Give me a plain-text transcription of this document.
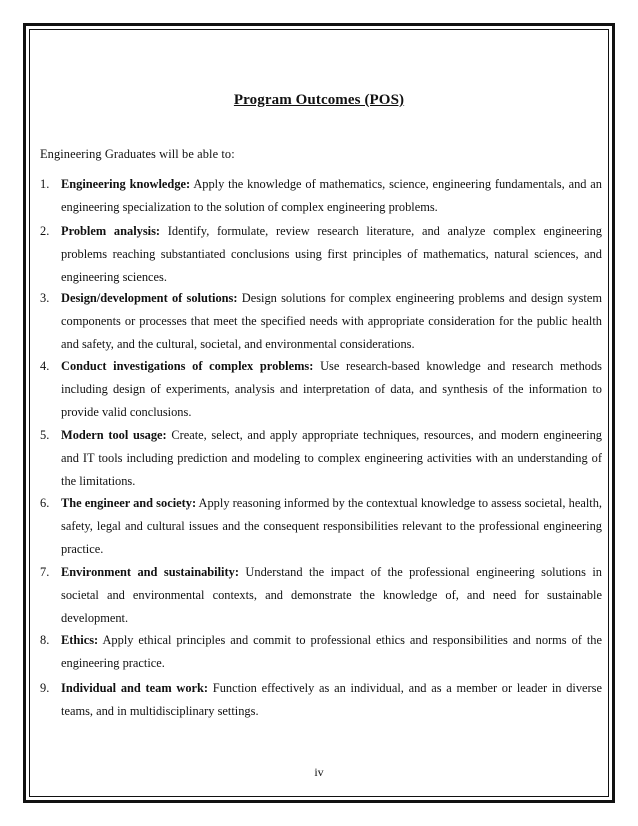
Program Outcomes (POS)
Engineering Graduates will be able to:
1. Engineering knowledge: Apply the knowledge of mathematics, science, engineering fundamentals, and an engineering specialization to the solution of complex engineering problems.
2. Problem analysis: Identify, formulate, review research literature, and analyze complex engineering problems reaching substantiated conclusions using first principles of mathematics, natural sciences, and engineering sciences.
3. Design/development of solutions: Design solutions for complex engineering problems and design system components or processes that meet the specified needs with appropriate consideration for the public health and safety, and the cultural, societal, and environmental considerations.
4. Conduct investigations of complex problems: Use research-based knowledge and research methods including design of experiments, analysis and interpretation of data, and synthesis of the information to provide valid conclusions.
5. Modern tool usage: Create, select, and apply appropriate techniques, resources, and modern engineering and IT tools including prediction and modeling to complex engineering activities with an understanding of the limitations.
6. The engineer and society: Apply reasoning informed by the contextual knowledge to assess societal, health, safety, legal and cultural issues and the consequent responsibilities relevant to the professional engineering practice.
7. Environment and sustainability: Understand the impact of the professional engineering solutions in societal and environmental contexts, and demonstrate the knowledge of, and need for sustainable development.
8. Ethics: Apply ethical principles and commit to professional ethics and responsibilities and norms of the engineering practice.
9. Individual and team work: Function effectively as an individual, and as a member or leader in diverse teams, and in multidisciplinary settings.
iv
